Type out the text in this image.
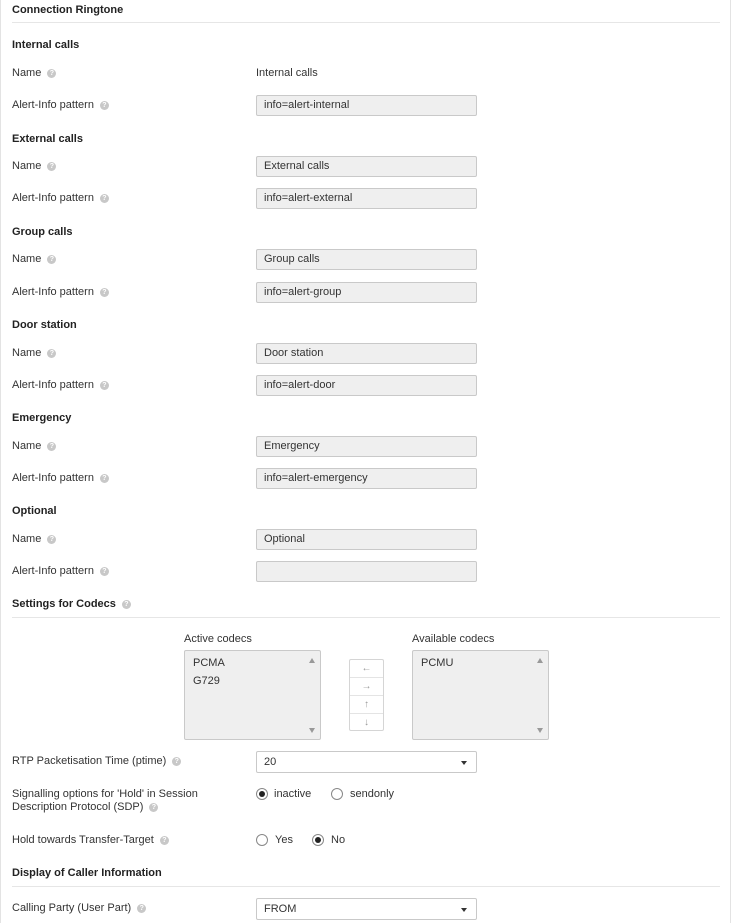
Connection Ringtone
Internal calls
Name	?	Internal calls
Alert-Info pattern	?	info=alert-internal
External calls
Name	?	External calls
Alert-Info pattern	?	info=alert-external
Group calls
Name	?	Group calls
Alert-Info pattern	?	info=alert-group
Door station
Name	?	Door station
Alert-Info pattern	?	info=alert-door
Emergency
Name	?	Emergency
Alert-Info pattern	?	info=alert-emergency
Optional
Name	?	Optional
Alert-Info pattern	?
Settings for Codecs	?
Active codecs	Available codecs
PCMA
G729
←
→
↑
↓
PCMU
RTP Packetisation Time (ptime)	?	20
Signalling options for 'Hold' in Session
Description Protocol (SDP)	?
inactive	sendonly
Hold towards Transfer-Target	?	Yes	No
Display of Caller Information
Calling Party (User Part)	?	FROM
